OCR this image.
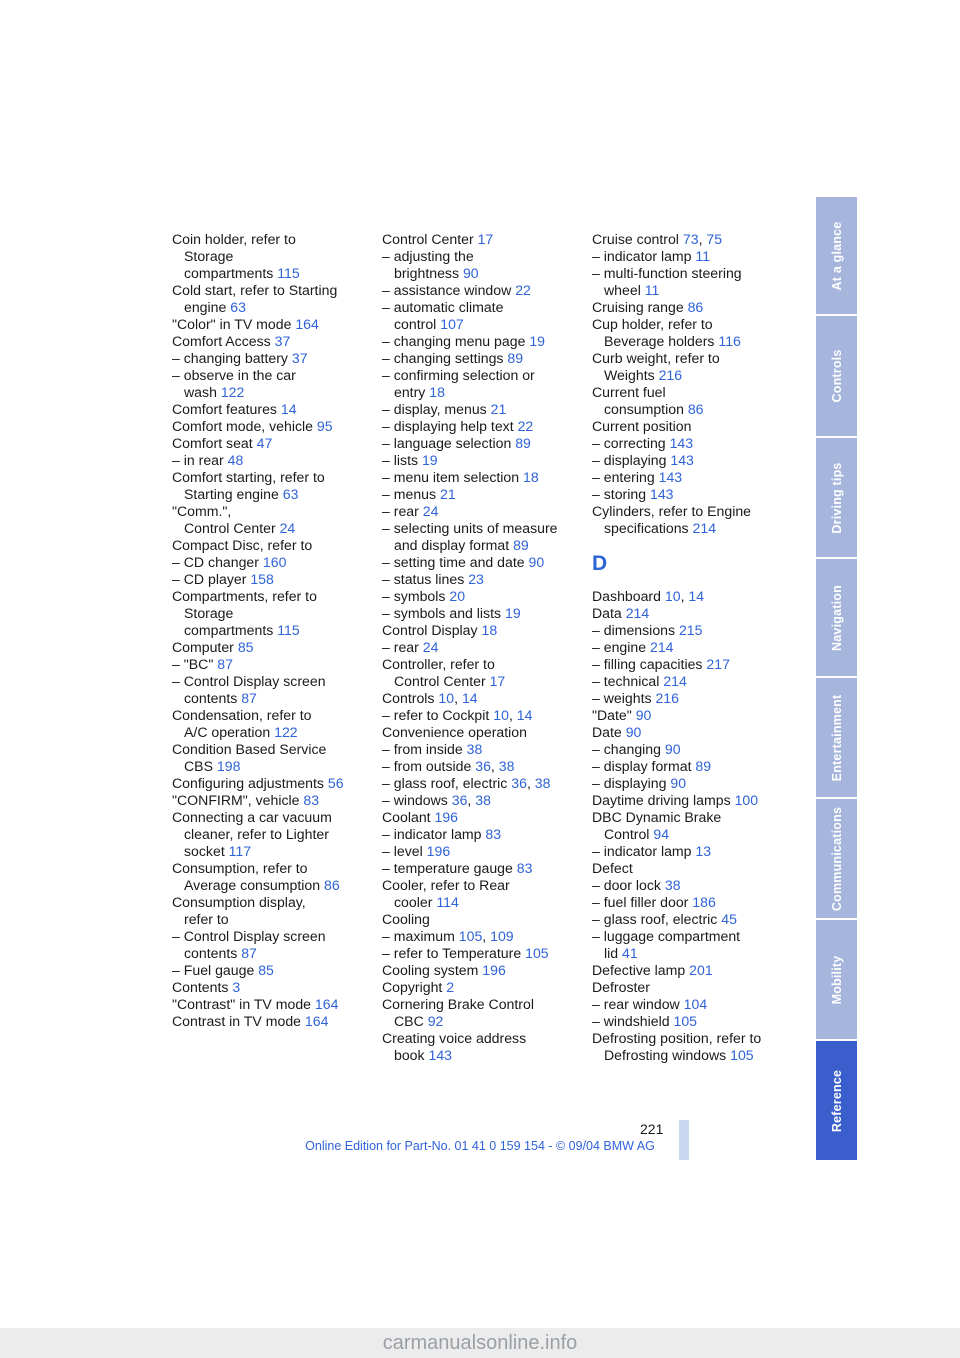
Coin holder, refer to
Storage
compartments 115
Cold start, refer to Starting
engine 63
"Color" in TV mode 164
Comfort Access 37
– changing battery 37
– observe in the car
wash 122
Comfort features 14
Comfort mode, vehicle 95
Comfort seat 47
– in rear 48
Comfort starting, refer to
Starting engine 63
"Comm.",
Control Center 24
Compact Disc, refer to
– CD changer 160
– CD player 158
Compartments, refer to
Storage
compartments 115
Computer 85
– "BC" 87
– Control Display screen
contents 87
Condensation, refer to
A/C operation 122
Condition Based Service
CBS 198
Configuring adjustments 56
"CONFIRM", vehicle 83
Connecting a car vacuum
cleaner, refer to Lighter
socket 117
Consumption, refer to
Average consumption 86
Consumption display,
refer to
– Control Display screen
contents 87
– Fuel gauge 85
Contents 3
"Contrast" in TV mode 164
Contrast in TV mode 164
Control Center 17
– adjusting the
brightness 90
– assistance window 22
– automatic climate
control 107
– changing menu page 19
– changing settings 89
– confirming selection or
entry 18
– display, menus 21
– displaying help text 22
– language selection 89
– lists 19
– menu item selection 18
– menus 21
– rear 24
– selecting units of measure
and display format 89
– setting time and date 90
– status lines 23
– symbols 20
– symbols and lists 19
Control Display 18
– rear 24
Controller, refer to
Control Center 17
Controls 10, 14
– refer to Cockpit 10, 14
Convenience operation
– from inside 38
– from outside 36, 38
– glass roof, electric 36, 38
– windows 36, 38
Coolant 196
– indicator lamp 83
– level 196
– temperature gauge 83
Cooler, refer to Rear
cooler 114
Cooling
– maximum 105, 109
– refer to Temperature 105
Cooling system 196
Copyright 2
Cornering Brake Control
CBC 92
Creating voice address
book 143
Cruise control 73, 75
– indicator lamp 11
– multi-function steering
wheel 11
Cruising range 86
Cup holder, refer to
Beverage holders 116
Curb weight, refer to
Weights 216
Current fuel
consumption 86
Current position
– correcting 143
– displaying 143
– entering 143
– storing 143
Cylinders, refer to Engine
specifications 214
D
Dashboard 10, 14
Data 214
– dimensions 215
– engine 214
– filling capacities 217
– technical 214
– weights 216
"Date" 90
Date 90
– changing 90
– display format 89
– displaying 90
Daytime driving lamps 100
DBC Dynamic Brake
Control 94
– indicator lamp 13
Defect
– door lock 38
– fuel filler door 186
– glass roof, electric 45
– luggage compartment
lid 41
Defective lamp 201
Defroster
– rear window 104
– windshield 105
Defrosting position, refer to
Defrosting windows 105
At a glance
Controls
Driving tips
Navigation
Entertainment
Communications
Mobility
Reference
221
Online Edition for Part-No. 01 41 0 159 154 - © 09/04 BMW AG
carmanualsonline.info
